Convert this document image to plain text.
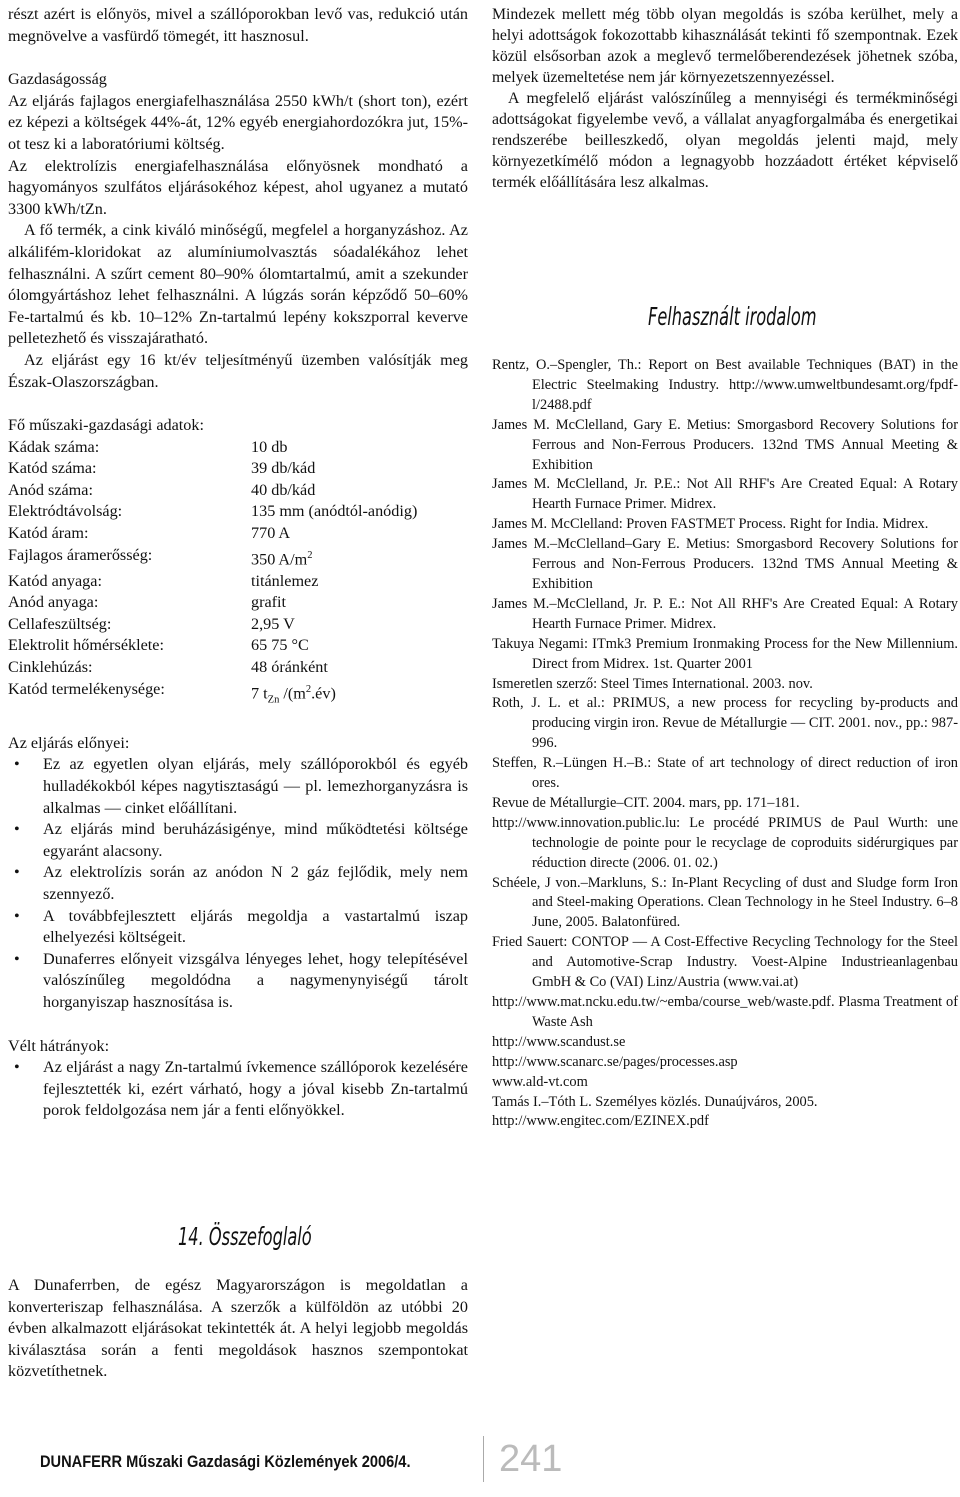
részt azért is előnyös, mivel a szállóporokban levő vas, redukció után megnövelve a vasfürdő tömegét, itt hasznosul.

Gazdaságosság

Az eljárás fajlagos energiafelhasználása 2550 kWh/t (short ton), ezért ez képezi a költségek 44%-át, 12% egyéb energiahordozókra jut, 15%-ot tesz ki a laboratóriumi költség.

Az elektrolízis energiafelhasználása előnyösnek mondható a hagyományos szulfátos eljárásokéhoz képest, ahol ugyanez a mutató 3300 kWh/tZn.

A fő termék, a cink kiváló minőségű, megfelel a horganyzáshoz. Az alkálifém-kloridokat az alumíniumolvasztás sóadalékához lehet felhasználni. A szűrt cement 80–90% ólomtartalmú, amit a szekunder ólomgyártáshoz lehet felhasználni. A lúgzás során képződő 50–60% Fe-tartalmú és kb. 10–12% Zn-tartalmú lepény kokszporral keverve pelletezhető és visszajáratható.

Az eljárást egy 16 kt/év teljesítményű üzemben valósítják meg Észak-Olaszországban.

Fő műszaki-gazdasági adatok:

Kádak száma:	10 db
Katód száma:	39 db/kád
Anód száma:	40 db/kád
Elektródtávolság:	135 mm (anódtól-anódig)
Katód áram:	770 A
Fajlagos áramerősség:	350 $A/m^2$
Katód anyaga:	titánlemez
Anód anyaga:	grafit
Cellafeszültség:	2,95 V
Elektrolit hőmérséklete:	65 75 °C
Cinklehúzás:	48 óránként
Katód termelékenysége:	7 $t_{Zn}$ $/(m^2.év)$

Az eljárás előnyei:

• Ez az egyetlen olyan eljárás, mely szállóporokból és egyéb hulladékokból képes nagytisztaságú — pl. lemezhorganyzásra is alkalmas — cinket előállítani.
• Az eljárás mind beruházásigénye, mind működtetési költsége egyaránt alacsony.
• Az elektrolízis során az anódon N 2 gáz fejlődik, mely nem szennyező.
• A továbbfejlesztett eljárás megoldja a vastartalmú iszap elhelyezési költségeit.
• Dunaferres előnyeit vizsgálva lényeges lehet, hogy telepítésével valószínűleg megoldódna a nagymenynyiségű tárolt horganyiszap hasznosítása is.

Vélt hátrányok:

• Az eljárást a nagy Zn-tartalmú ívkemence szállóporok kezelésére fejlesztették ki, ezért várható, hogy a jóval kisebb Zn-tartalmú porok feldolgozása nem jár a fenti előnyökkel.
14. Összefoglaló
A Dunaferrben, de egész Magyarországon is megoldatlan a konverteriszap felhasználása. A szerzők a külföldön az utóbbi 20 évben alkalmazott eljárásokat tekintették át. A helyi legjobb megoldás kiválasztása során a fenti megoldások hasznos szempontokat közvetíthetnek.

Mindezek mellett még több olyan megoldás is szóba kerülhet, mely a helyi adottságok fokozottabb kihasználását tekinti fő szempontnak. Ezek közül elsősorban azok a meglevő termelőberendezések jöhetnek szóba, melyek üzemeltetése nem jár környezetszennyezéssel.

A megfelelő eljárást valószínűleg a mennyiségi és termékminőségi adottságokat figyelembe vevő, a vállalat anyagforgalmába és energetikai rendszerébe beilleszkedő, olyan megoldás jelenti majd, mely környezetkímélő módon a legnagyobb hozzáadott értéket képviselő termék előállítására lesz alkalmas.

Felhasznált irodalom

Rentz, O.–Spengler, Th.: Report on Best available Techniques (BAT) in the Electric Steelmaking Industry. http://www.umweltbundesamt.org/fpdf-l/2488.pdf

James M. McClelland, Gary E. Metius: Smorgasbord Recovery Solutions for Ferrous and Non-Ferrous Producers. 132nd TMS Annual Meeting & Exhibition

James M. McClelland, Jr. P.E.: Not All RHF's Are Created Equal: A Rotary Hearth Furnace Primer. Midrex.

James M. McClelland: Proven FASTMET Process. Right for India. Midrex.

James M.–McClelland–Gary E. Metius: Smorgasbord Recovery Solutions for Ferrous and Non-Ferrous Producers. 132nd TMS Annual Meeting & Exhibition

James M.–McClelland, Jr. P. E.: Not All RHF's Are Created Equal: A Rotary Hearth Furnace Primer. Midrex.

Takuya Negami: ITmk3 Premium Ironmaking Process for the New Millennium. Direct from Midrex. 1st. Quarter 2001

Ismeretlen szerző: Steel Times International. 2003. nov.

Roth, J. L. et al.: PRIMUS, a new process for recycling by-products and producing virgin iron. Revue de Métallurgie — CIT. 2001. nov., pp.: 987-996.

Steffen, R.–Lüngen H.–B.: State of art technology of direct reduction of iron ores.

Revue de Métallurgie–CIT. 2004. mars, pp. 171–181.

http://www.innovation.public.lu: Le procédé PRIMUS de Paul Wurth: une technologie de pointe pour le recyclage de coproduits sidérurgiques par réduction directe (2006. 01. 02.)

Schéele, J von.–Markluns, S.: In-Plant Recycling of dust and Sludge form Iron and Steel-making Operations. Clean Technology in he Steel Industry. 6–8 June, 2005. Balatonfüred.

Fried Sauert: CONTOP — A Cost-Effective Recycling Technology for the Steel and Automotive-Scrap Industry. Voest-Alpine Industrieanlagenbau GmbH & Co (VAI) Linz/Austria (www.vai.at)

http://www.mat.ncku.edu.tw/~emba/course_web/waste.pdf. Plasma Treatment of Waste Ash

http://www.scandust.se

http://www.scanarc.se/pages/processes.asp

www.ald-vt.com

Tamás I.–Tóth L. Személyes közlés. Dunaújváros, 2005.

http://www.engitec.com/EZINEX.pdf

DUNAFERR Műszaki Gazdasági Közlemények 2006/4. 241
